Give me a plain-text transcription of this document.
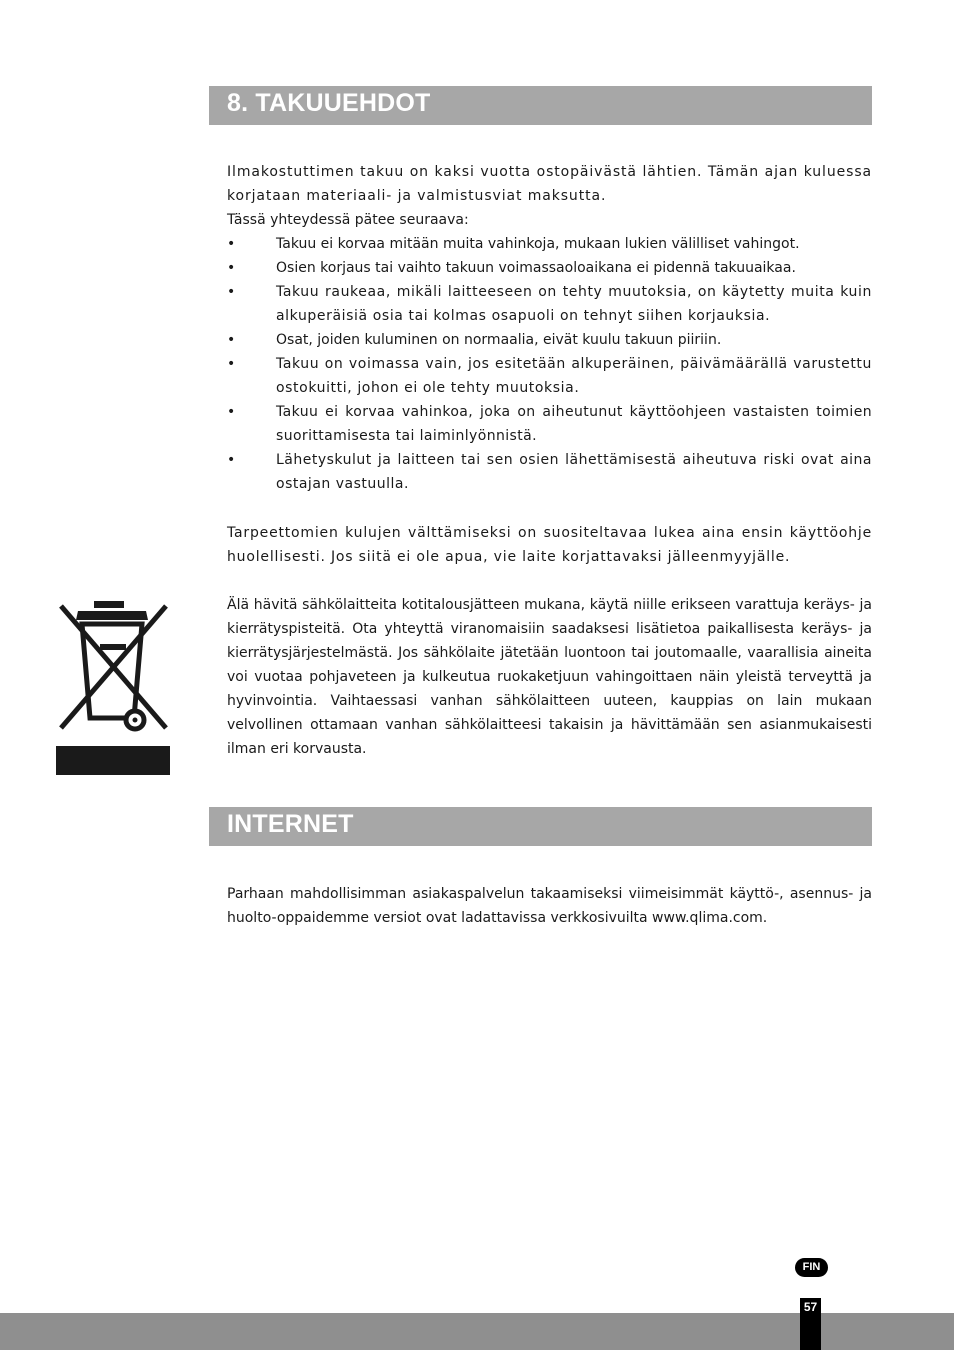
8. TAKUUEHDOT

Ilmakostuttimen takuu on kaksi vuotta ostopäivästä lähtien. Tämän ajan kuluessa korjataan materiaali- ja valmistusviat maksutta.

Tässä yhteydessä pätee seuraava:

• Takuu ei korvaa mitään muita vahinkoja, mukaan lukien välilliset vahingot.
• Osien korjaus tai vaihto takuun voimassaoloaikana ei pidennä takuuaikaa.
• Takuu raukeaa, mikäli laitteeseen on tehty muutoksia, on käytetty muita kuin alkuperäisiä osia tai kolmas osapuoli on tehnyt siihen korjauksia.
• Osat, joiden kuluminen on normaalia, eivät kuulu takuun piiriin.
• Takuu on voimassa vain, jos esitetään alkuperäinen, päivämäärällä varustettu ostokuitti, johon ei ole tehty muutoksia.
• Takuu ei korvaa vahinkoa, joka on aiheutunut käyttöohjeen vastaisten toimien suorittamisesta tai laiminlyönnistä.
• Lähetyskulut ja laitteen tai sen osien lähettämisestä aiheutuva riski ovat aina ostajan vastuulla.

Tarpeettomien kulujen välttämiseksi on suositeltavaa lukea aina ensin käyttöohje huolellisesti. Jos siitä ei ole apua, vie laite korjattavaksi jälleenmyyjälle.

Älä hävitä sähkölaitteita kotitalousjätteen mukana, käytä niille erikseen varattuja keräys- ja kierrätyspisteitä. Ota yhteyttä viranomaisiin saadaksesi lisätietoa paikallisesta keräys- ja kierrätysjärjestelmästä. Jos sähkölaite jätetään luontoon tai joutomaalle, vaarallisia aineita voi vuotaa pohjaveteen ja kulkeutua ruokaketjuun vahingoittaen näin yleistä terveyttä ja hyvinvointia. Vaihtaessasi vanhan sähkölaitteen uuteen, kauppias on lain mukaan velvollinen ottamaan vanhan sähkölaitteesi takaisin ja hävittämään sen asianmukaisesti ilman eri korvausta.

INTERNET

Parhaan mahdollisimman asiakaspalvelun takaamiseksi viimeisimmät käyttö-, asennus- ja huolto-oppaidemme versiot ovat ladattavissa verkkosivuilta www.qlima.com.

FIN
57
